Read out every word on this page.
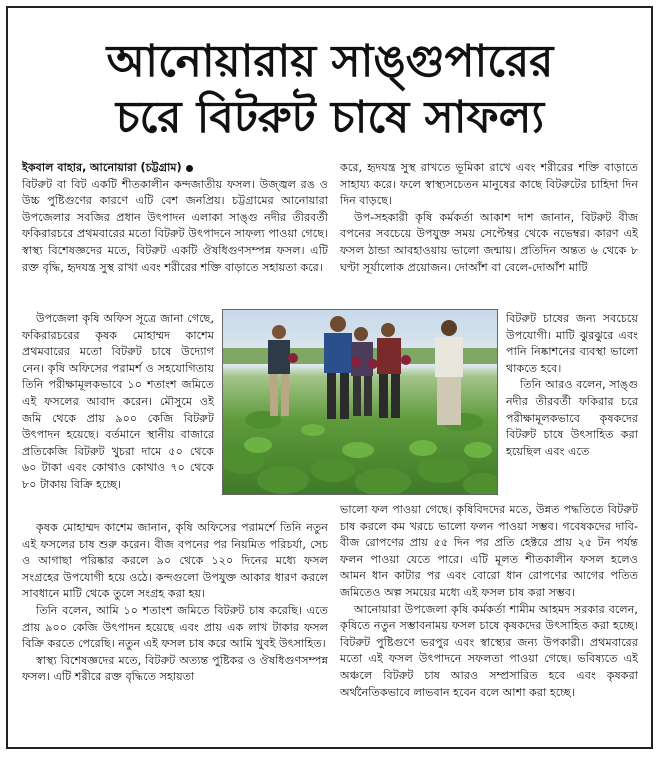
আনোয়ারায় সাঙ্গুপারের
চরে বিটরুট চাষে সাফল্য

ইকবাল বাহার, আনোয়ারা (চট্টগ্রাম)

বিটরুট বা বিট একটি শীতকালীন কন্দজাতীয় ফসল। উজ্জ্বল রঙ ও উচ্চ পুষ্টিগুণের কারণে এটি বেশ জনপ্রিয়। চট্টগ্রামের আনোয়ারা উপজেলার সবজির প্রধান উৎপাদন এলাকা সাঙ্গু নদীর তীরবর্তী ফকিরারচরে প্রথমবারের মতো বিটরুট উৎপাদনে সাফল্য পাওয়া গেছে। স্বাস্থ্য বিশেষজ্ঞদের মতে, বিটরুট একটি ঔষধিগুণসম্পন্ন ফসল। এটি রক্ত বৃদ্ধি, হৃদযন্ত্র সুস্থ রাখা এবং শরীরের শক্তি বাড়াতে সহায়তা করে।

উপজেলা কৃষি অফিস সূত্রে জানা গেছে, ফকিরারচরের কৃষক মোহাম্মদ কাশেম প্রথমবারের মতো বিটরুট চাষে উদ্যোগ নেন। কৃষি অফিসের পরামর্শ ও সহযোগিতায় তিনি পরীক্ষামূলকভাবে ১০ শতাংশ জমিতে এই ফসলের আবাদ করেন। মৌসুমে ওই জমি থেকে প্রায় ৯০০ কেজি বিটরুট উৎপাদন হয়েছে। বর্তমানে স্থানীয় বাজারে প্রতিকেজি বিটরুট খুচরা দামে ৫০ থেকে ৬০ টাকা এবং কোথাও কোথাও ৭০ থেকে ৮০ টাকায় বিক্রি হচ্ছে।

কৃষক মোহাম্মদ কাশেম জানান, কৃষি অফিসের পরামর্শে তিনি নতুন এই ফসলের চাষ শুরু করেন। বীজ বপনের পর নিয়মিত পরিচর্যা, সেচ ও আগাছা পরিষ্কার করলে ৯০ থেকে ১২০ দিনের মধ্যে ফসল সংগ্রহের উপযোগী হয়ে ওঠে। কন্দগুলো উপযুক্ত আকার ধারণ করলে সাবধানে মাটি থেকে তুলে সংগ্রহ করা হয়।

তিনি বলেন, আমি ১০ শতাংশ জমিতে বিটরুট চাষ করেছি। এতে প্রায় ৯০০ কেজি উৎপাদন হয়েছে এবং প্রায় এক লাখ টাকার ফসল বিক্রি করতে পেরেছি। নতুন এই ফসল চাষ করে আমি খুবই উৎসাহিত।

স্বাস্থ্য বিশেষজ্ঞদের মতে, বিটরুট অত্যন্ত পুষ্টিকর ও ঔষধিগুণসম্পন্ন ফসল। এটি শরীরে রক্ত বৃদ্ধিতে সহায়তা

করে, হৃদযন্ত্র সুস্থ রাখতে ভূমিকা রাখে এবং শরীরের শক্তি বাড়াতে সাহায্য করে। ফলে স্বাস্থ্যসচেতন মানুষের কাছে বিটরুটের চাহিদা দিন দিন বাড়ছে।

উপ-সহকারী কৃষি কর্মকর্তা আকাশ দাশ জানান, বিটরুট বীজ বপনের সবচেয়ে উপযুক্ত সময় সেপ্টেম্বর থেকে নভেম্বর। কারণ এই ফসল ঠান্ডা আবহাওয়ায় ভালো জন্মায়। প্রতিদিন অন্তত ৬ থেকে ৮ ঘণ্টা সূর্যালোক প্রয়োজন। দোআঁশ বা বেলে-দোআঁশ মাটি

বিটরুট চাষের জন্য সবচেয়ে উপযোগী। মাটি ঝুরঝুরে এবং পানি নিষ্কাশনের ব্যবস্থা ভালো থাকতে হবে।

তিনি আরও বলেন, সাঙ্গু নদীর তীরবর্তী ফকিরার চরে পরীক্ষামূলকভাবে কৃষকদের বিটরুট চাষে উৎসাহিত করা হয়েছিল এবং এতে

ভালো ফল পাওয়া গেছে। কৃষিবিদদের মতে, উন্নত পদ্ধতিতে বিটরুট চাষ করলে কম খরচে ভালো ফলন পাওয়া সম্ভব। গবেষকদের দাবি- বীজ রোপণের প্রায় ৫৫ দিন পর প্রতি হেক্টরে প্রায় ২৫ টন পর্যন্ত ফলন পাওয়া যেতে পারে। এটি মূলত শীতকালীন ফসল হলেও আমন ধান কাটার পর এবং বোরো ধান রোপণের আগের পতিত জমিতেও অল্প সময়ের মধ্যে এই ফসল চাষ করা সম্ভব।

আনোয়ারা উপজেলা কৃষি কর্মকর্তা শামীম আহমদ সরকার বলেন, কৃষিতে নতুন সম্ভাবনাময় ফসল চাষে কৃষকদের উৎসাহিত করা হচ্ছে। বিটরুট পুষ্টিগুণে ভরপুর এবং স্বাস্থ্যের জন্য উপকারী। প্রথমবারের মতো এই ফসল উৎপাদনে সফলতা পাওয়া গেছে। ভবিষ্যতে এই অঞ্চলে বিটরুট চাষ আরও সম্প্রসারিত হবে এবং কৃষকরা অর্থনৈতিকভাবে লাভবান হবেন বলে আশা করা হচ্ছে।
